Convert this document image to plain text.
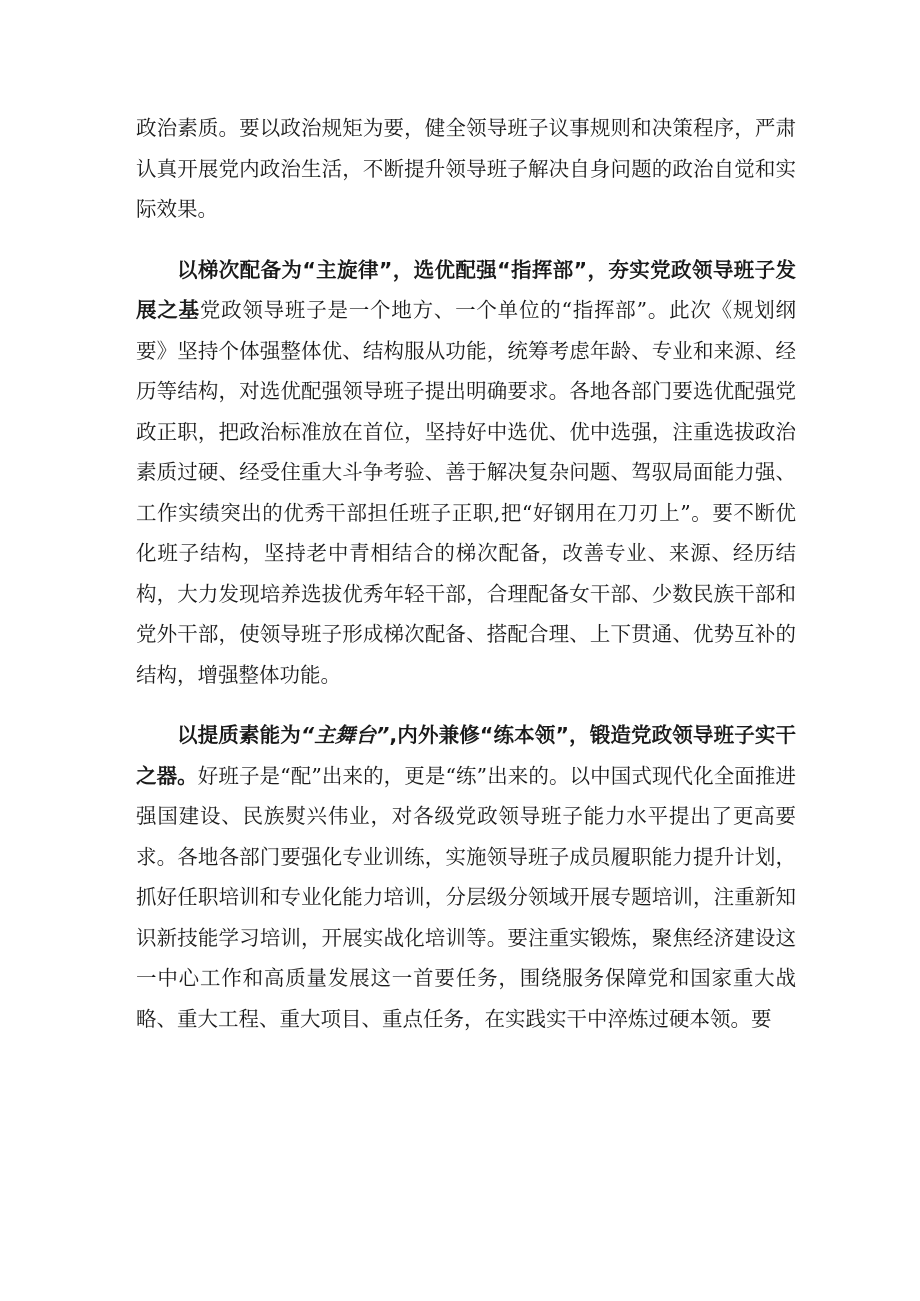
政治素质。要以政治规矩为要，健全领导班子议事规则和决策程序，严肃认真开展党内政治生活，不断提升领导班子解决自身问题的政治自觉和实际效果。

以梯次配备为“主旋律”，选优配强“指挥部”，夯实党政领导班子发展之基党政领导班子是一个地方、一个单位的“指挥部”。此次《规划纲要》坚持个体强整体优、结构服从功能，统筹考虑年龄、专业和来源、经历等结构，对选优配强领导班子提出明确要求。各地各部门要选优配强党政正职，把政治标准放在首位，坚持好中选优、优中选强，注重选拔政治素质过硬、经受住重大斗争考验、善于解决复杂问题、驾驭局面能力强、工作实绩突出的优秀干部担任班子正职,把“好钢用在刀刃上”。要不断优化班子结构，坚持老中青相结合的梯次配备，改善专业、来源、经历结构，大力发现培养选拔优秀年轻干部，合理配备女干部、少数民族干部和党外干部，使领导班子形成梯次配备、搭配合理、上下贯通、优势互补的结构，增强整体功能。

以提质素能为“主舞台”,内外兼修“练本领”，锻造党政领导班子实干之器。好班子是“配”出来的，更是“练”出来的。以中国式现代化全面推进强国建设、民族熨兴伟业，对各级党政领导班子能力水平提出了更高要求。各地各部门要强化专业训练，实施领导班子成员履职能力提升计划，抓好任职培训和专业化能力培训，分层级分领域开展专题培训，注重新知识新技能学习培训，开展实战化培训等。要注重实锻炼，聚焦经济建设这一中心工作和高质量发展这一首要任务，围绕服务保障党和国家重大战略、重大工程、重大项目、重点任务，在实践实干中淬炼过硬本领。要
